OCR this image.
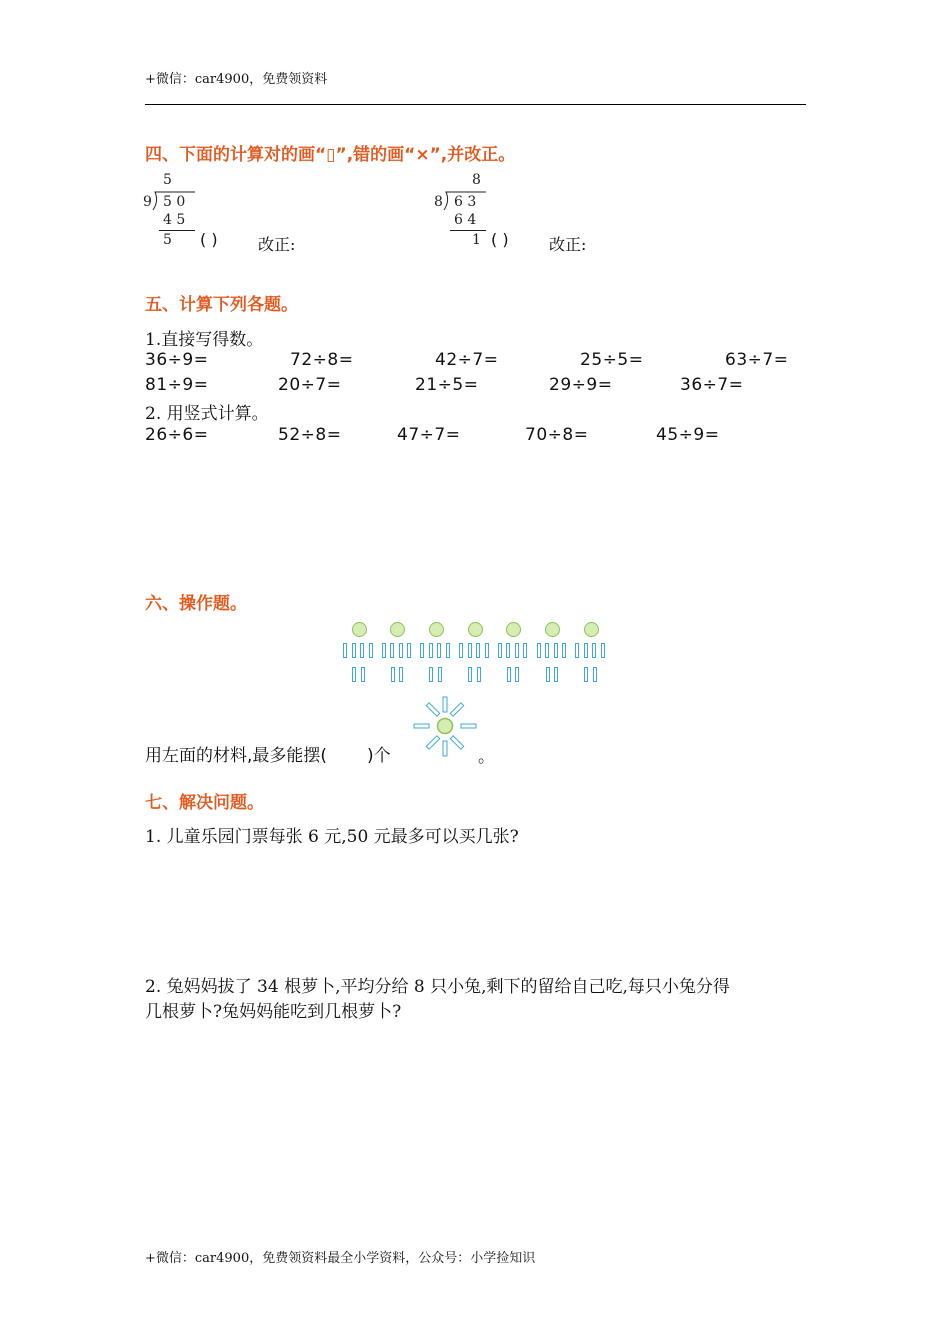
+微信：car4900，免费领资料
四、下面的计算对的画“▯”,错的画“×”,并改正。
5
9 5 0
4 5
5 ( )	改正:
8
8 6 3
6 4
1 ( )	改正:
五、计算下列各题。
1.直接写得数。
36÷9=	72÷8=	42÷7=	25÷5=	63÷7=
81÷9=	20÷7=	21÷5=	29÷9=	36÷7=
2. 用竖式计算。
26÷6=	52÷8=	47÷7=	70÷8=	45÷9=
六、操作题。
用左面的材料,最多能摆( )个	。
七、解决问题。
1. 儿童乐园门票每张 6 元,50 元最多可以买几张?
2. 兔妈妈拔了 34 根萝卜,平均分给 8 只小兔,剩下的留给自己吃,每只小兔分得
几根萝卜?兔妈妈能吃到几根萝卜?
+微信：car4900，免费领资料最全小学资料，公众号：小学捡知识
